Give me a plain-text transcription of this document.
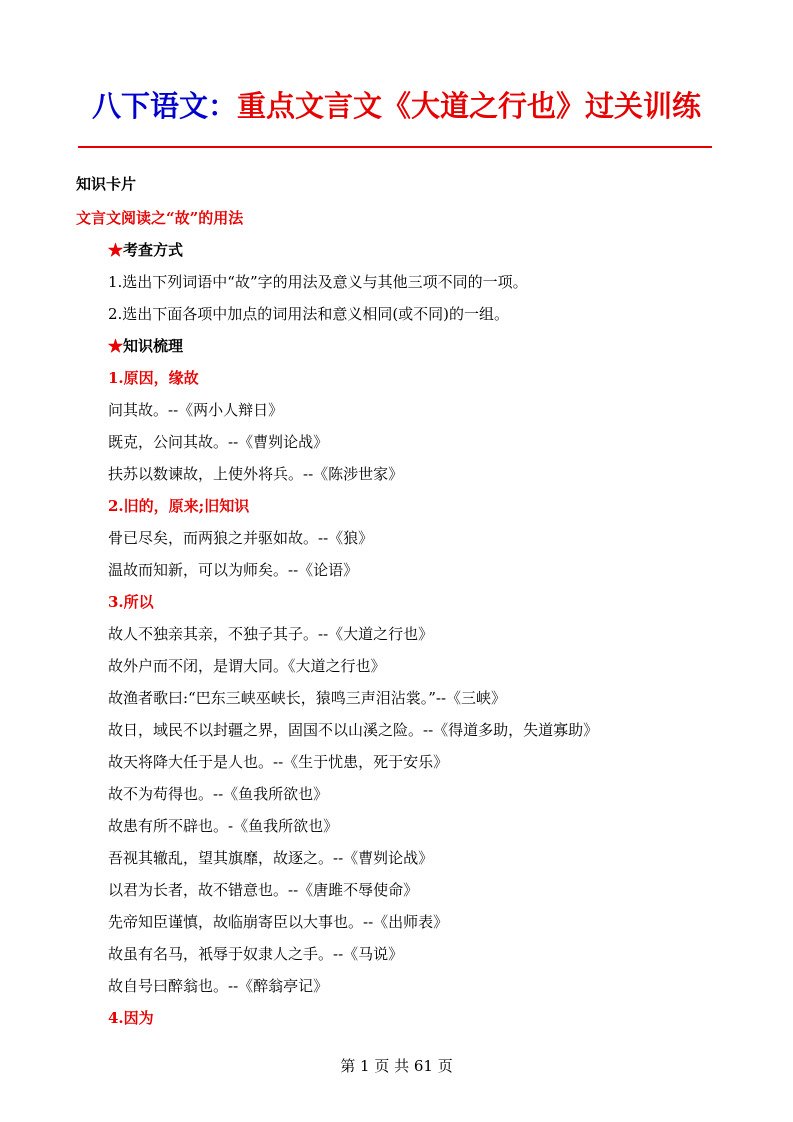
八下语文：重点文言文《大道之行也》过关训练
知识卡片
文言文阅读之“故”的用法
★考查方式
1.选出下列词语中“故”字的用法及意义与其他三项不同的一项。
2.选出下面各项中加点的词用法和意义相同(或不同)的一组。
★知识梳理
1.原因，缘故
问其故。--《两小人辩日》
既克，公问其故。--《曹刿论战》
扶苏以数谏故，上使外将兵。--《陈涉世家》
2.旧的，原来;旧知识
骨已尽矣，而两狼之并驱如故。--《狼》
温故而知新，可以为师矣。--《论语》
3.所以
故人不独亲其亲，不独子其子。--《大道之行也》
故外户而不闭，是谓大同。《大道之行也》
故渔者歌曰:“巴东三峡巫峡长，猿鸣三声泪沾裳。”--《三峡》
故日，域民不以封疆之界，固国不以山溪之险。--《得道多助，失道寡助》
故天将降大任于是人也。--《生于忧患，死于安乐》
故不为苟得也。--《鱼我所欲也》
故患有所不辟也。-《鱼我所欲也》
吾视其辙乱，望其旗靡，故逐之。--《曹刿论战》
以君为长者，故不错意也。--《唐雎不辱使命》
先帝知臣谨慎，故临崩寄臣以大事也。--《出师表》
故虽有名马，衹辱于奴隶人之手。--《马说》
故自号曰醉翁也。--《醉翁亭记》
4.因为
第 1 页 共 61 页
